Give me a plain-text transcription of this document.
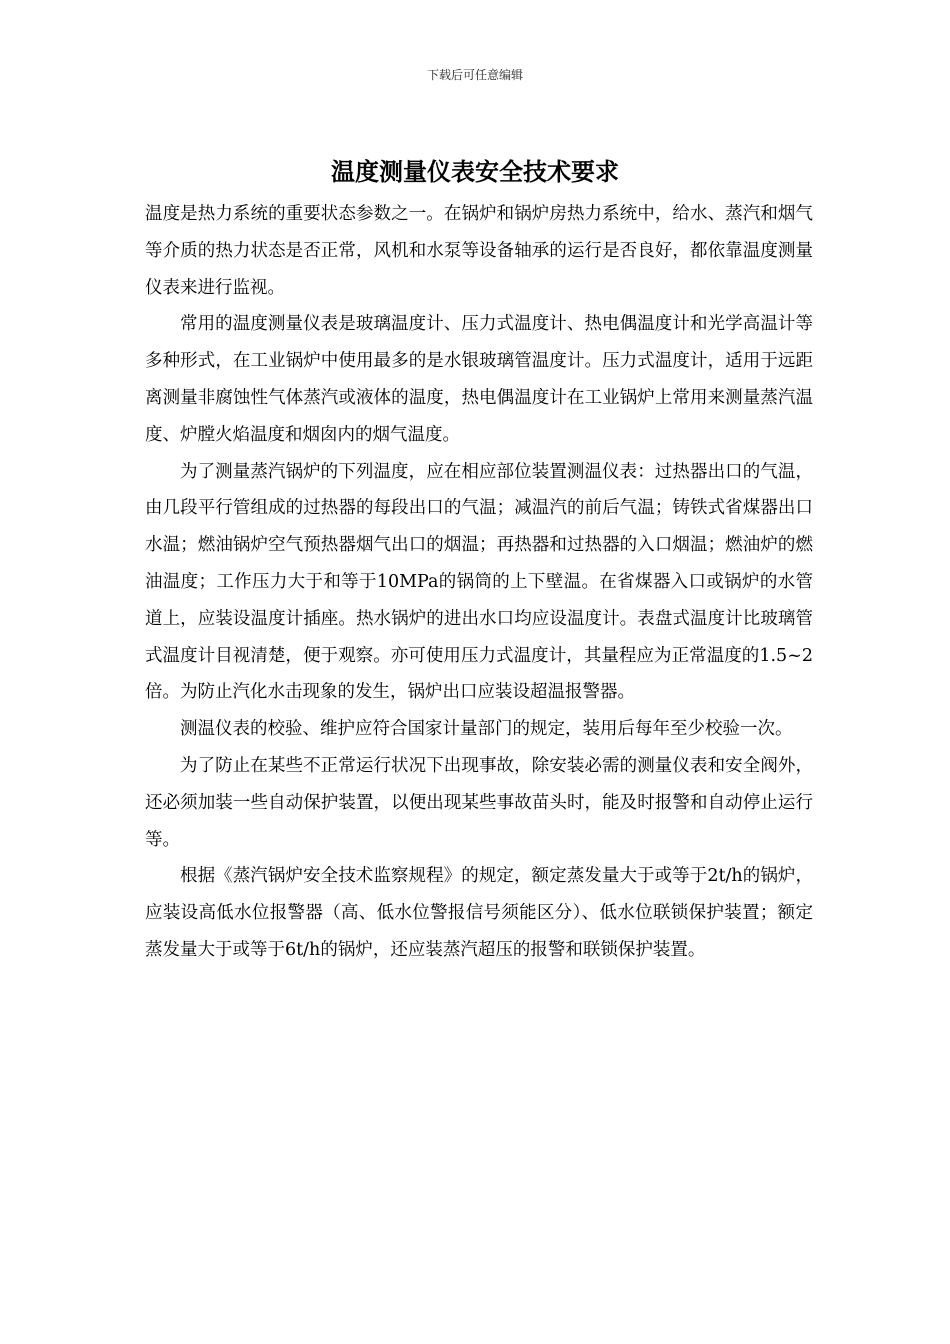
下载后可任意编辑
温度测量仪表安全技术要求

温度是热力系统的重要状态参数之一。在锅炉和锅炉房热力系统中，给水、蒸汽和烟气等介质的热力状态是否正常，风机和水泵等设备轴承的运行是否良好，都依靠温度测量仪表来进行监视。

常用的温度测量仪表是玻璃温度计、压力式温度计、热电偶温度计和光学高温计等多种形式，在工业锅炉中使用最多的是水银玻璃管温度计。压力式温度计，适用于远距离测量非腐蚀性气体蒸汽或液体的温度，热电偶温度计在工业锅炉上常用来测量蒸汽温度、炉膛火焰温度和烟囱内的烟气温度。

为了测量蒸汽锅炉的下列温度，应在相应部位装置测温仪表：过热器出口的气温，由几段平行管组成的过热器的每段出口的气温；减温汽的前后气温；铸铁式省煤器出口水温；燃油锅炉空气预热器烟气出口的烟温；再热器和过热器的入口烟温；燃油炉的燃油温度；工作压力大于和等于10MPa的锅筒的上下壁温。在省煤器入口或锅炉的水管道上，应装设温度计插座。热水锅炉的进出水口均应设温度计。表盘式温度计比玻璃管式温度计目视清楚，便于观察。亦可使用压力式温度计，其量程应为正常温度的1.5~2倍。为防止汽化水击现象的发生，锅炉出口应装设超温报警器。

测温仪表的校验、维护应符合国家计量部门的规定，装用后每年至少校验一次。

为了防止在某些不正常运行状况下出现事故，除安装必需的测量仪表和安全阀外，还必须加装一些自动保护装置，以便出现某些事故苗头时，能及时报警和自动停止运行等。

根据《蒸汽锅炉安全技术监察规程》的规定，额定蒸发量大于或等于2t/h的锅炉，应装设高低水位报警器（高、低水位警报信号须能区分）、低水位联锁保护装置；额定蒸发量大于或等于6t/h的锅炉，还应装蒸汽超压的报警和联锁保护装置。
